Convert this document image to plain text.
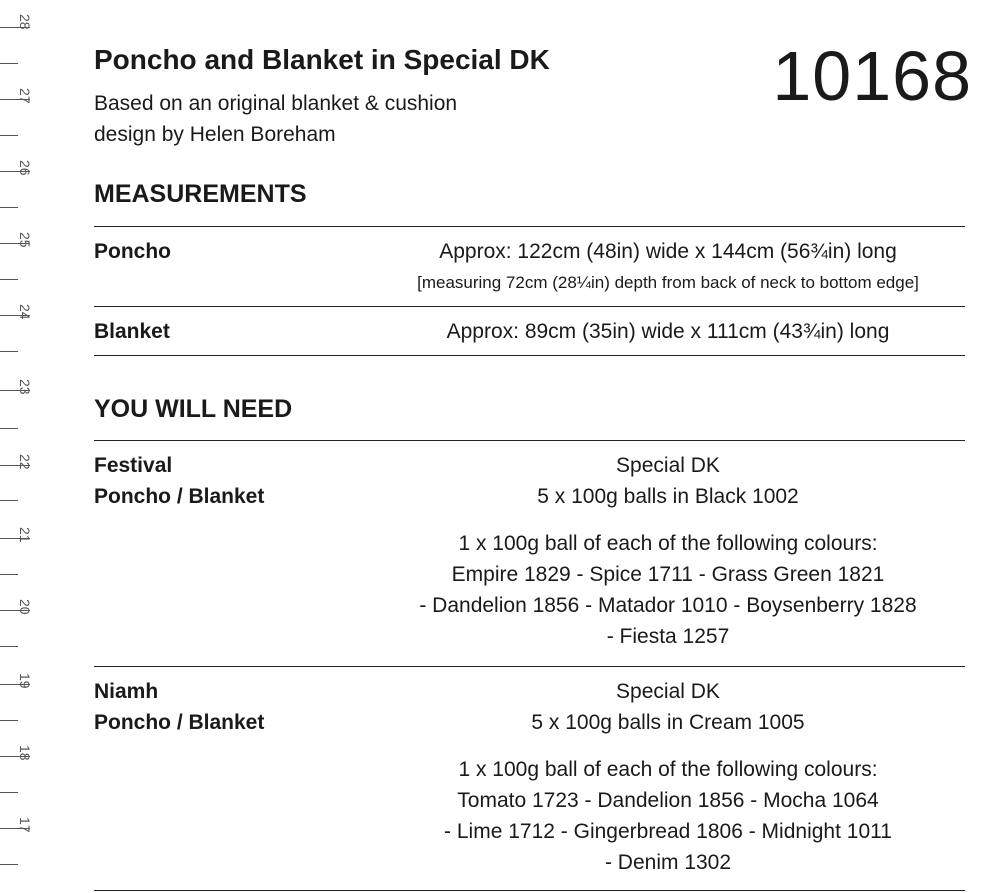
28
27
26
25
24
23
22
21
20
19
18
17
Poncho and Blanket in Special DK

Based on an original blanket & cushion
design by Helen Boreham

10168
MEASUREMENTS
Poncho	Approx: 122cm (48in) wide x 144cm (56¾in) long
[measuring 72cm (28¼in) depth from back of neck to bottom edge]
Blanket	Approx: 89cm (35in) wide x 111cm (43¾in) long
YOU WILL NEED
Festival
Poncho / Blanket
Special DK
5 x 100g balls in Black 1002
1 x 100g ball of each of the following colours:
Empire 1829 - Spice 1711 - Grass Green 1821
- Dandelion 1856 - Matador 1010 - Boysenberry 1828
- Fiesta 1257
Niamh
Poncho / Blanket
Special DK
5 x 100g balls in Cream 1005
1 x 100g ball of each of the following colours:
Tomato 1723 - Dandelion 1856 - Mocha 1064
- Lime 1712 - Gingerbread 1806 - Midnight 1011
- Denim 1302
